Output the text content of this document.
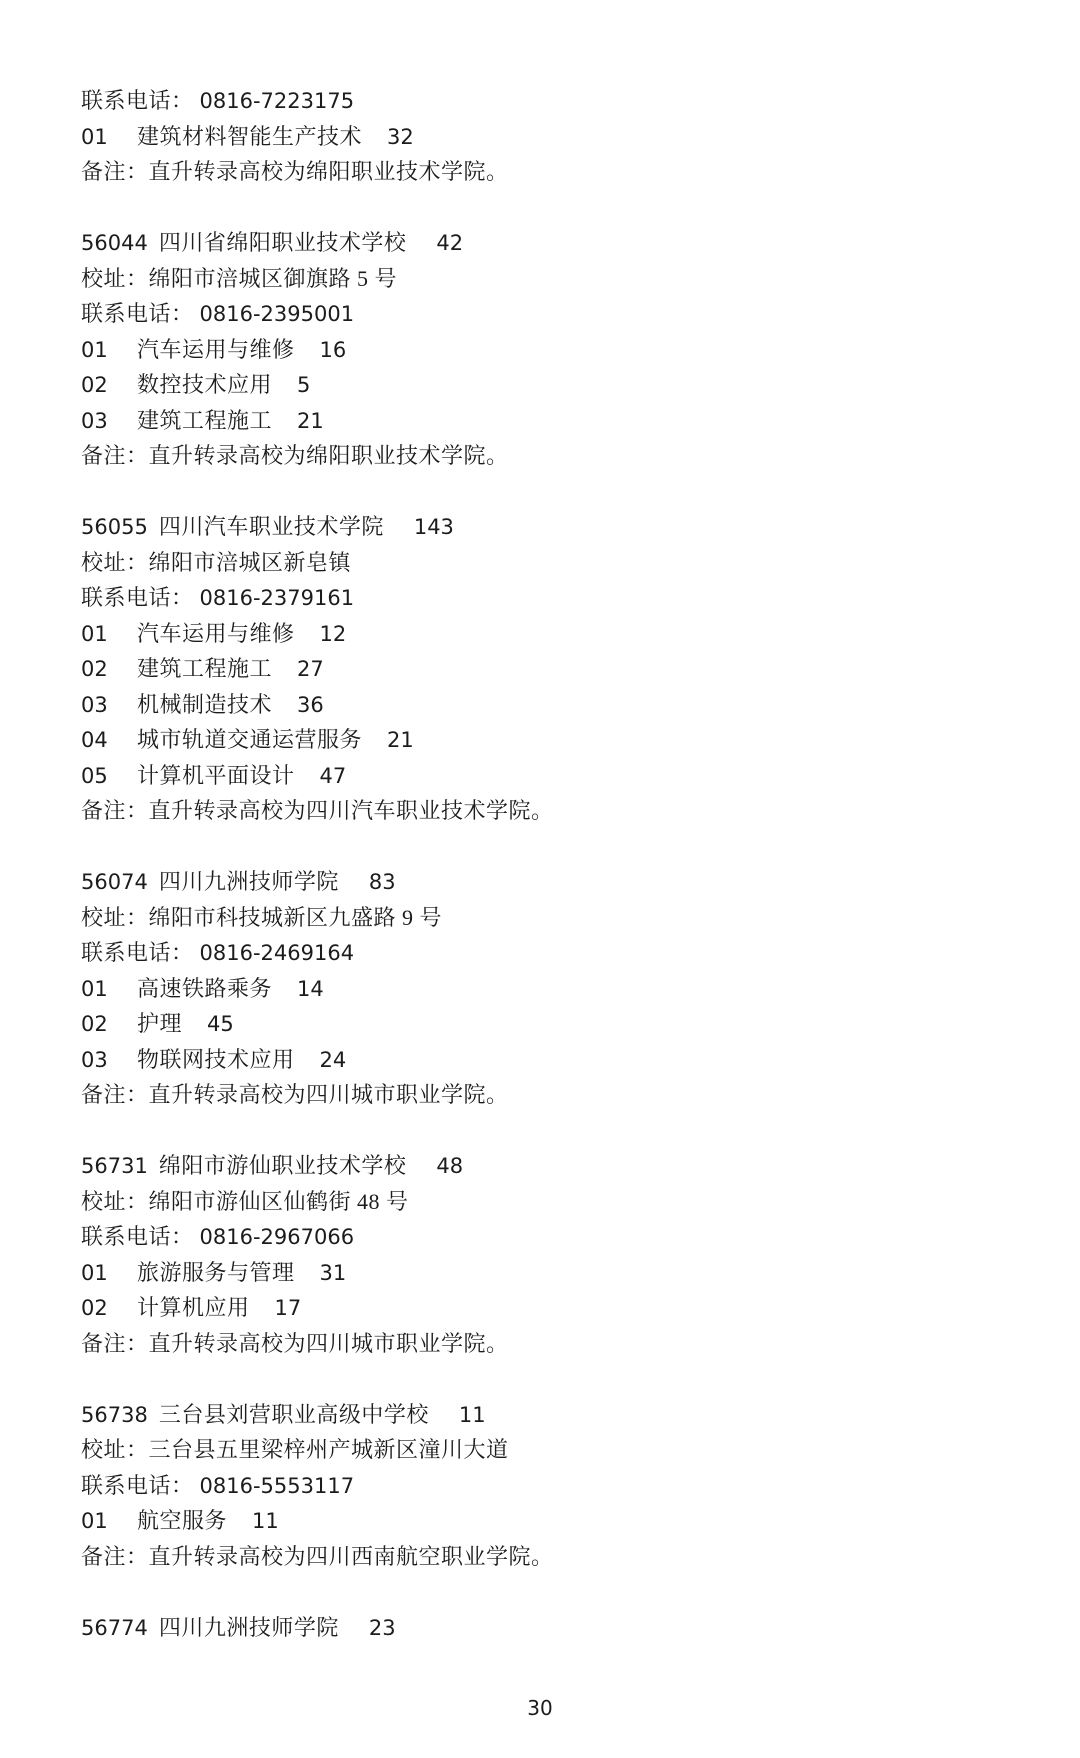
联系电话： 0816-7223175
01 建筑材料智能生产技术 32
备注：直升转录高校为绵阳职业技术学院。
56044 四川省绵阳职业技术学校 42
校址：绵阳市涪城区御旗路 5 号
联系电话： 0816-2395001
01 汽车运用与维修 16
02 数控技术应用 5
03 建筑工程施工 21
备注：直升转录高校为绵阳职业技术学院。
56055 四川汽车职业技术学院 143
校址：绵阳市涪城区新皂镇
联系电话： 0816-2379161
01 汽车运用与维修 12
02 建筑工程施工 27
03 机械制造技术 36
04 城市轨道交通运营服务 21
05 计算机平面设计 47
备注：直升转录高校为四川汽车职业技术学院。
56074 四川九洲技师学院 83
校址：绵阳市科技城新区九盛路 9 号
联系电话： 0816-2469164
01 高速铁路乘务 14
02 护理 45
03 物联网技术应用 24
备注：直升转录高校为四川城市职业学院。
56731 绵阳市游仙职业技术学校 48
校址：绵阳市游仙区仙鹤街 48 号
联系电话： 0816-2967066
01 旅游服务与管理 31
02 计算机应用 17
备注：直升转录高校为四川城市职业学院。
56738 三台县刘营职业高级中学校 11
校址：三台县五里梁梓州产城新区潼川大道
联系电话： 0816-5553117
01 航空服务 11
备注：直升转录高校为四川西南航空职业学院。
56774 四川九洲技师学院 23
30
